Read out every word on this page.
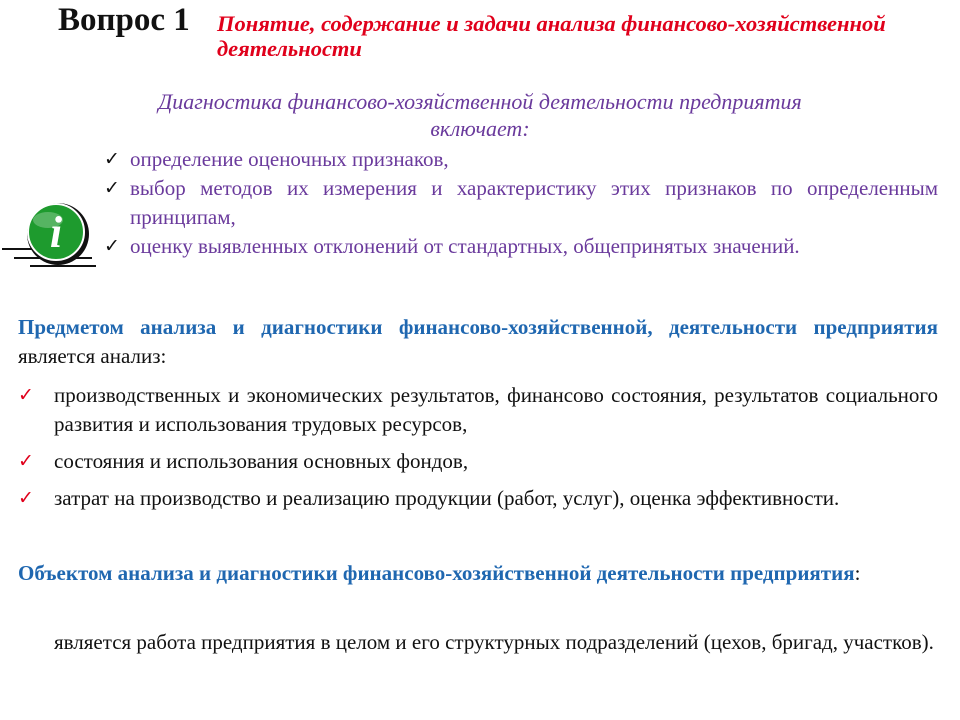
Вопрос 1 Понятие, содержание и задачи анализа финансово-хозяйственной деятельности
i
Диагностика финансово-хозяйственной деятельности предприятия включает:
✓ определение оценочных признаков,
✓ выбор методов их измерения и характеристику этих признаков по определенным принципам,
✓ оценку выявленных отклонений от стандартных, общепринятых значений.
Предметом анализа и диагностики финансово-хозяйственной, деятельности предприятия является анализ:
✓ производственных и экономических результатов, финансово состояния, результатов социального развития и использования трудовых ресурсов,
✓ состояния и использования основных фондов,
✓ затрат на производство и реализацию продукции (работ, услуг), оценка эффективности.
Объектом анализа и диагностики финансово-хозяйственной деятельности предприятия:
является работа предприятия в целом и его структурных подразделений (цехов, бригад, участков).
